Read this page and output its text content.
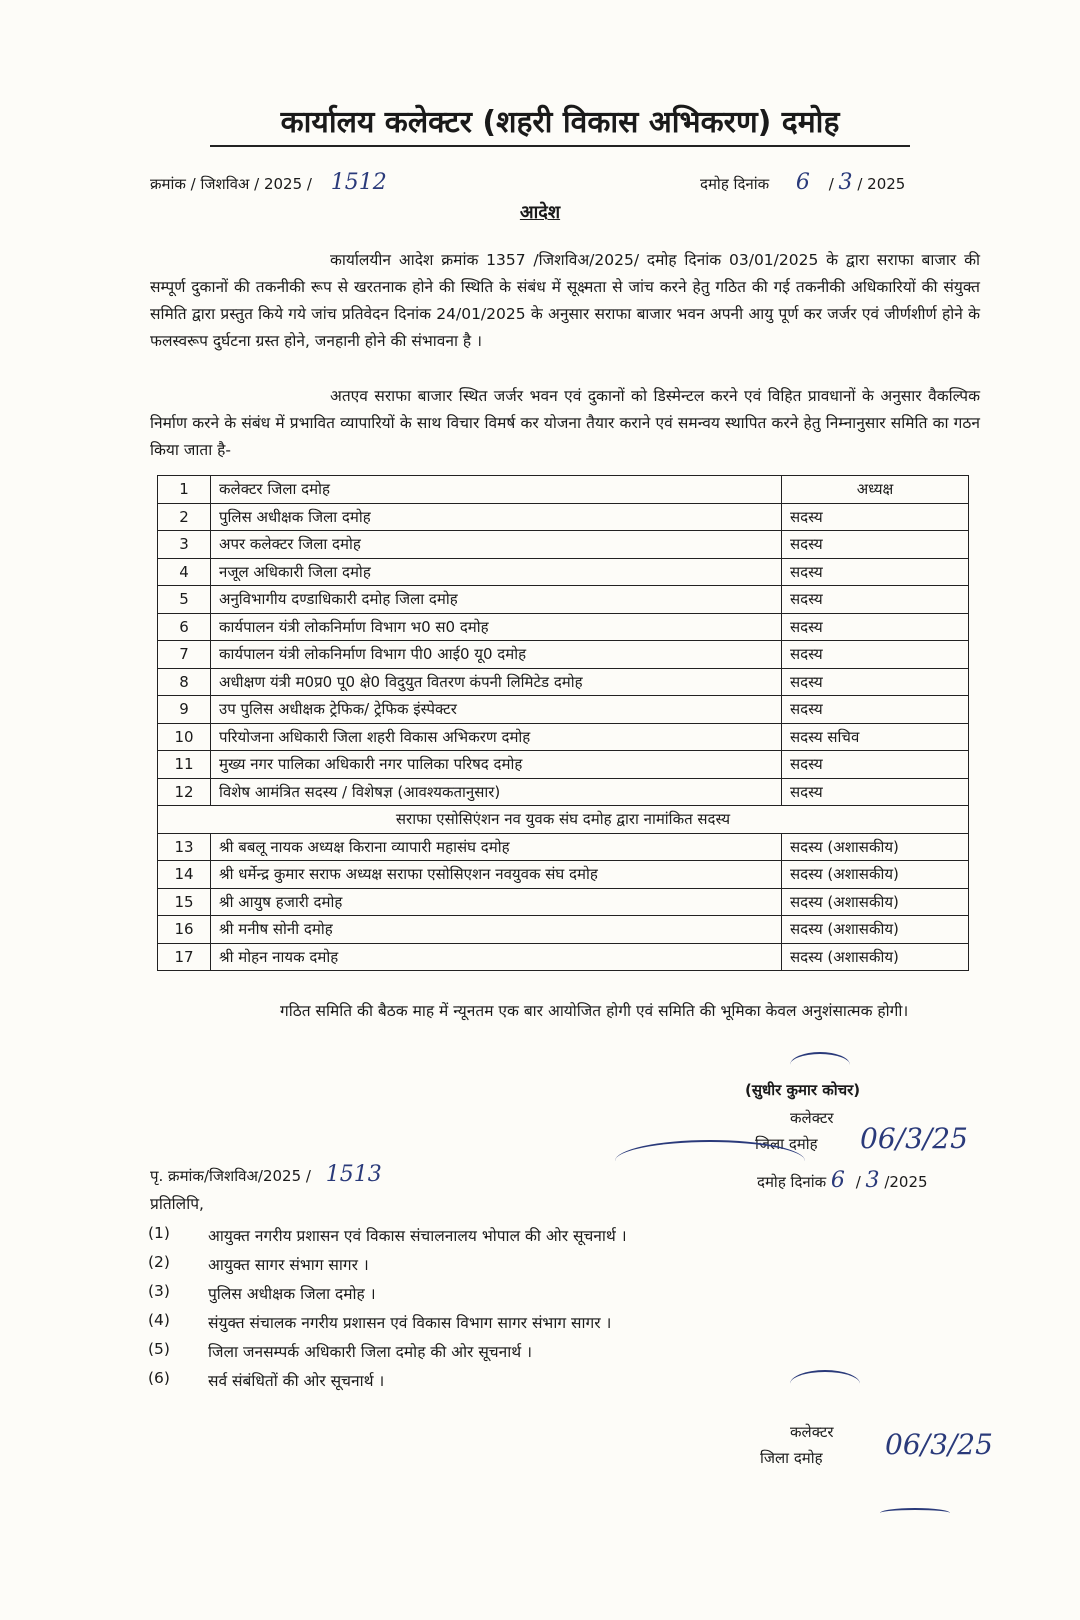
कार्यालय कलेक्टर (शहरी विकास अभिकरण) दमोह
क्रमांक / जिशविअ / 2025 / 1512	दमोह दिनांक 6 / 3 / 2025
आदेश
कार्यालयीन आदेश क्रमांक 1357 /जिशविअ/2025/ दमोह दिनांक 03/01/2025 के द्वारा सराफा बाजार की सम्पूर्ण दुकानों की तकनीकी रूप से खरतनाक होने की स्थिति के संबंध में सूक्ष्मता से जांच करने हेतु गठित की गई तकनीकी अधिकारियों की संयुक्त समिति द्वारा प्रस्तुत किये गये जांच प्रतिवेदन दिनांक 24/01/2025 के अनुसार सराफा बाजार भवन अपनी आयु पूर्ण कर जर्जर एवं जीर्णशीर्ण होने के फलस्वरूप दुर्घटना ग्रस्त होने, जनहानी होने की संभावना है ।
अतएव सराफा बाजार स्थित जर्जर भवन एवं दुकानों को डिस्मेन्टल करने एवं विहित प्रावधानों के अनुसार वैकल्पिक निर्माण करने के संबंध में प्रभावित व्यापारियों के साथ विचार विमर्ष कर योजना तैयार कराने एवं समन्वय स्थापित करने हेतु निम्नानुसार समिति का गठन किया जाता है-
1	कलेक्टर जिला दमोह	अध्यक्ष
2	पुलिस अधीक्षक जिला दमोह	सदस्य
3	अपर कलेक्टर जिला दमोह	सदस्य
4	नजूल अधिकारी जिला दमोह	सदस्य
5	अनुविभागीय दण्डाधिकारी दमोह जिला दमोह	सदस्य
6	कार्यपालन यंत्री लोकनिर्माण विभाग भ0 स0 दमोह	सदस्य
7	कार्यपालन यंत्री लोकनिर्माण विभाग पी0 आई0 यू0 दमोह	सदस्य
8	अधीक्षण यंत्री म0प्र0 पू0 क्षे0 विदुयुत वितरण कंपनी लिमिटेड दमोह	सदस्य
9	उप पुलिस अधीक्षक ट्रेफिक/ ट्रेफिक इंस्पेक्टर	सदस्य
10	परियोजना अधिकारी जिला शहरी विकास अभिकरण दमोह	सदस्य सचिव
11	मुख्य नगर पालिका अधिकारी नगर पालिका परिषद दमोह	सदस्य
12	विशेष आमंत्रित सदस्य / विशेषज्ञ (आवश्यकतानुसार)	सदस्य
सराफा एसोसिएंशन नव युवक संघ दमोह द्वारा नामांकित सदस्य		
13	श्री बबलू नायक अध्यक्ष किराना व्यापारी महासंघ दमोह	सदस्य (अशासकीय)
14	श्री धर्मेन्द्र कुमार सराफ अध्यक्ष सराफा एसोसिएशन नवयुवक संघ दमोह	सदस्य (अशासकीय)
15	श्री आयुष हजारी दमोह	सदस्य (अशासकीय)
16	श्री मनीष सोनी दमोह	सदस्य (अशासकीय)
17	श्री मोहन नायक दमोह	सदस्य (अशासकीय)
गठित समिति की बैठक माह में न्यूनतम एक बार आयोजित होगी एवं समिति की भूमिका केवल अनुशंसात्मक होगी।
(सुधीर कुमार कोचर)
कलेक्टर
जिला दमोह 06/3/25
पृ. क्रमांक/जिशविअ/2025 / 1513	दमोह दिनांक 6 / 3 /2025
प्रतिलिपि,
(1)	आयुक्त नगरीय प्रशासन एवं विकास संचालनालय भोपाल की ओर सूचनार्थ ।
(2)	आयुक्त सागर संभाग सागर ।
(3)	पुलिस अधीक्षक जिला दमोह ।
(4)	संयुक्त संचालक नगरीय प्रशासन एवं विकास विभाग सागर संभाग सागर ।
(5)	जिला जनसम्पर्क अधिकारी जिला दमोह की ओर सूचनार्थ ।
(6)	सर्व संबंधितों की ओर सूचनार्थ ।
कलेक्टर
जिला दमोह 06/3/25
